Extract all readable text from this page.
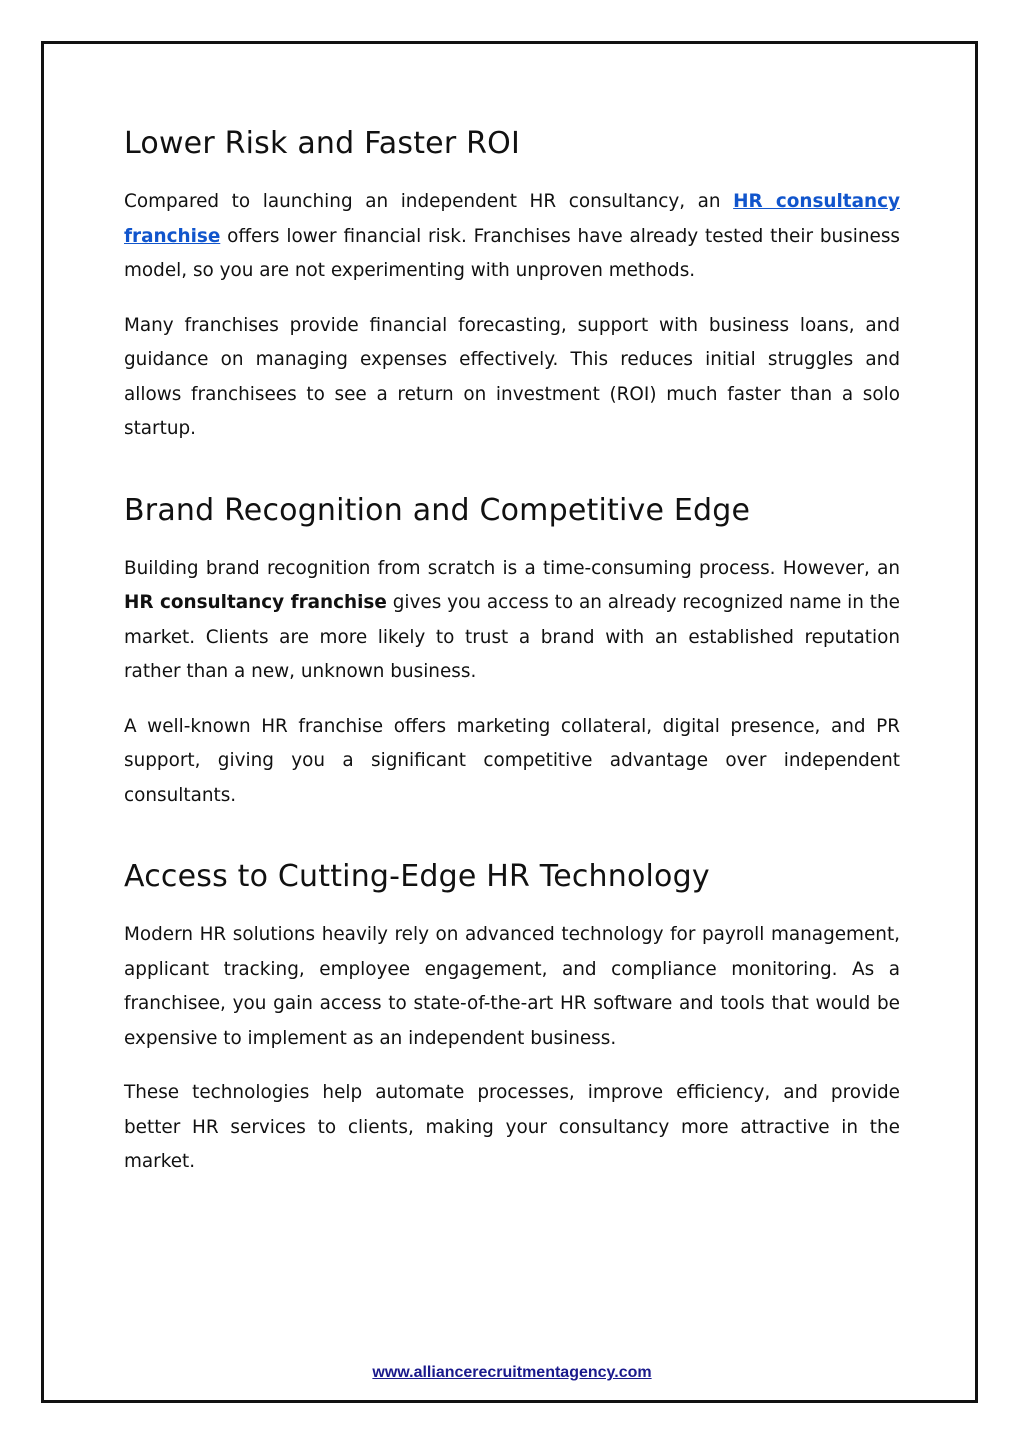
Lower Risk and Faster ROI

Compared to launching an independent HR consultancy, an HR consultancy franchise offers lower financial risk. Franchises have already tested their business model, so you are not experimenting with unproven methods.

Many franchises provide financial forecasting, support with business loans, and guidance on managing expenses effectively. This reduces initial struggles and allows franchisees to see a return on investment (ROI) much faster than a solo startup.

Brand Recognition and Competitive Edge

Building brand recognition from scratch is a time-consuming process. However, an HR consultancy franchise gives you access to an already recognized name in the market. Clients are more likely to trust a brand with an established reputation rather than a new, unknown business.

A well-known HR franchise offers marketing collateral, digital presence, and PR support, giving you a significant competitive advantage over independent consultants.

Access to Cutting-Edge HR Technology

Modern HR solutions heavily rely on advanced technology for payroll management, applicant tracking, employee engagement, and compliance monitoring. As a franchisee, you gain access to state-of-the-art HR software and tools that would be expensive to implement as an independent business.

These technologies help automate processes, improve efficiency, and provide better HR services to clients, making your consultancy more attractive in the market.

www.alliancerecruitmentagency.com
